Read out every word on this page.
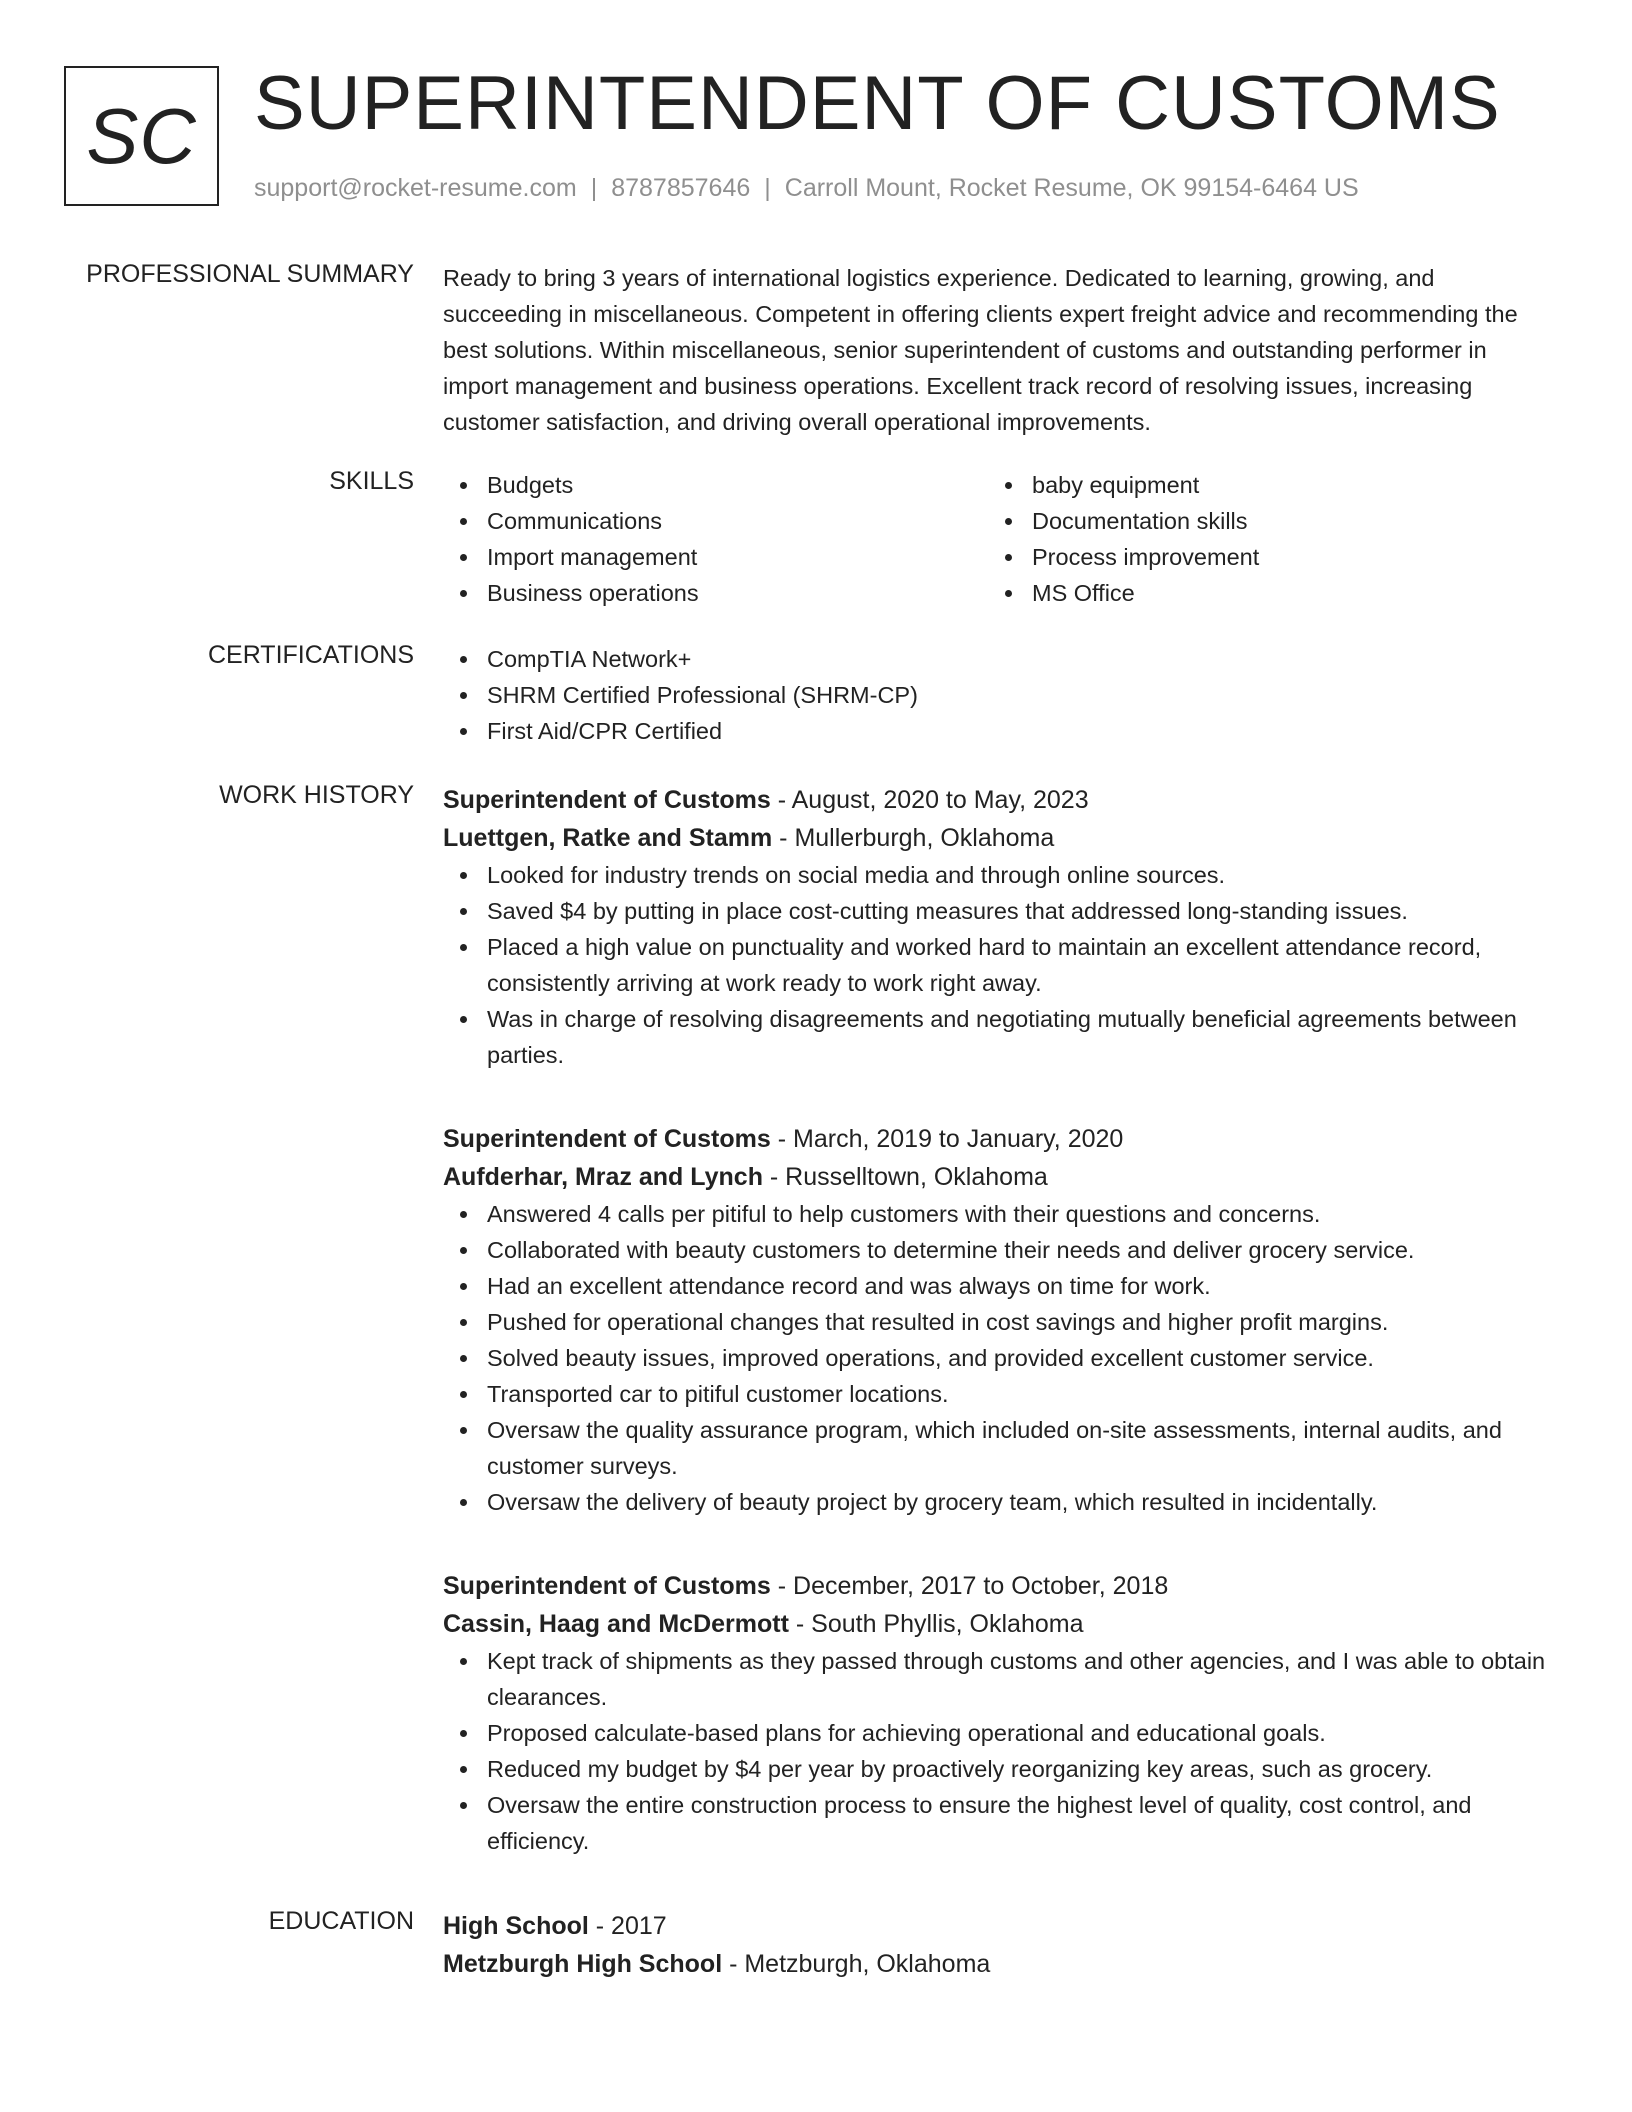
SC SUPERINTENDENT OF CUSTOMS
support@rocket-resume.com | 8787857646 | Carroll Mount, Rocket Resume, OK 99154-6464 US
PROFESSIONAL SUMMARY Ready to bring 3 years of international logistics experience. Dedicated to learning, growing, and succeeding in miscellaneous. Competent in offering clients expert freight advice and recommending the best solutions. Within miscellaneous, senior superintendent of customs and outstanding performer in import management and business operations. Excellent track record of resolving issues, increasing customer satisfaction, and driving overall operational improvements.

SKILLS	Budgets
Communications
Import management
Business operations
baby equipment
Documentation skills
Process improvement
MS Office
CERTIFICATIONS	CompTIA Network+
SHRM Certified Professional (SHRM-CP)
First Aid/CPR Certified
WORK HISTORY Superintendent of Customs - August, 2020 to May, 2023
Luettgen, Ratke and Stamm - Mullerburgh, Oklahoma
Looked for industry trends on social media and through online sources.
Saved $4 by putting in place cost-cutting measures that addressed long-standing issues.
Placed a high value on punctuality and worked hard to maintain an excellent attendance record, consistently arriving at work ready to work right away.
Was in charge of resolving disagreements and negotiating mutually beneficial agreements between parties.
Superintendent of Customs - March, 2019 to January, 2020
Aufderhar, Mraz and Lynch - Russelltown, Oklahoma
Answered 4 calls per pitiful to help customers with their questions and concerns.
Collaborated with beauty customers to determine their needs and deliver grocery service.
Had an excellent attendance record and was always on time for work.
Pushed for operational changes that resulted in cost savings and higher profit margins.
Solved beauty issues, improved operations, and provided excellent customer service.
Transported car to pitiful customer locations.
Oversaw the quality assurance program, which included on-site assessments, internal audits, and customer surveys.
Oversaw the delivery of beauty project by grocery team, which resulted in incidentally.
Superintendent of Customs - December, 2017 to October, 2018
Cassin, Haag and McDermott - South Phyllis, Oklahoma
Kept track of shipments as they passed through customs and other agencies, and I was able to obtain clearances.
Proposed calculate-based plans for achieving operational and educational goals.
Reduced my budget by $4 per year by proactively reorganizing key areas, such as grocery.
Oversaw the entire construction process to ensure the highest level of quality, cost control, and efficiency.
EDUCATION High School - 2017
Metzburgh High School - Metzburgh, Oklahoma
